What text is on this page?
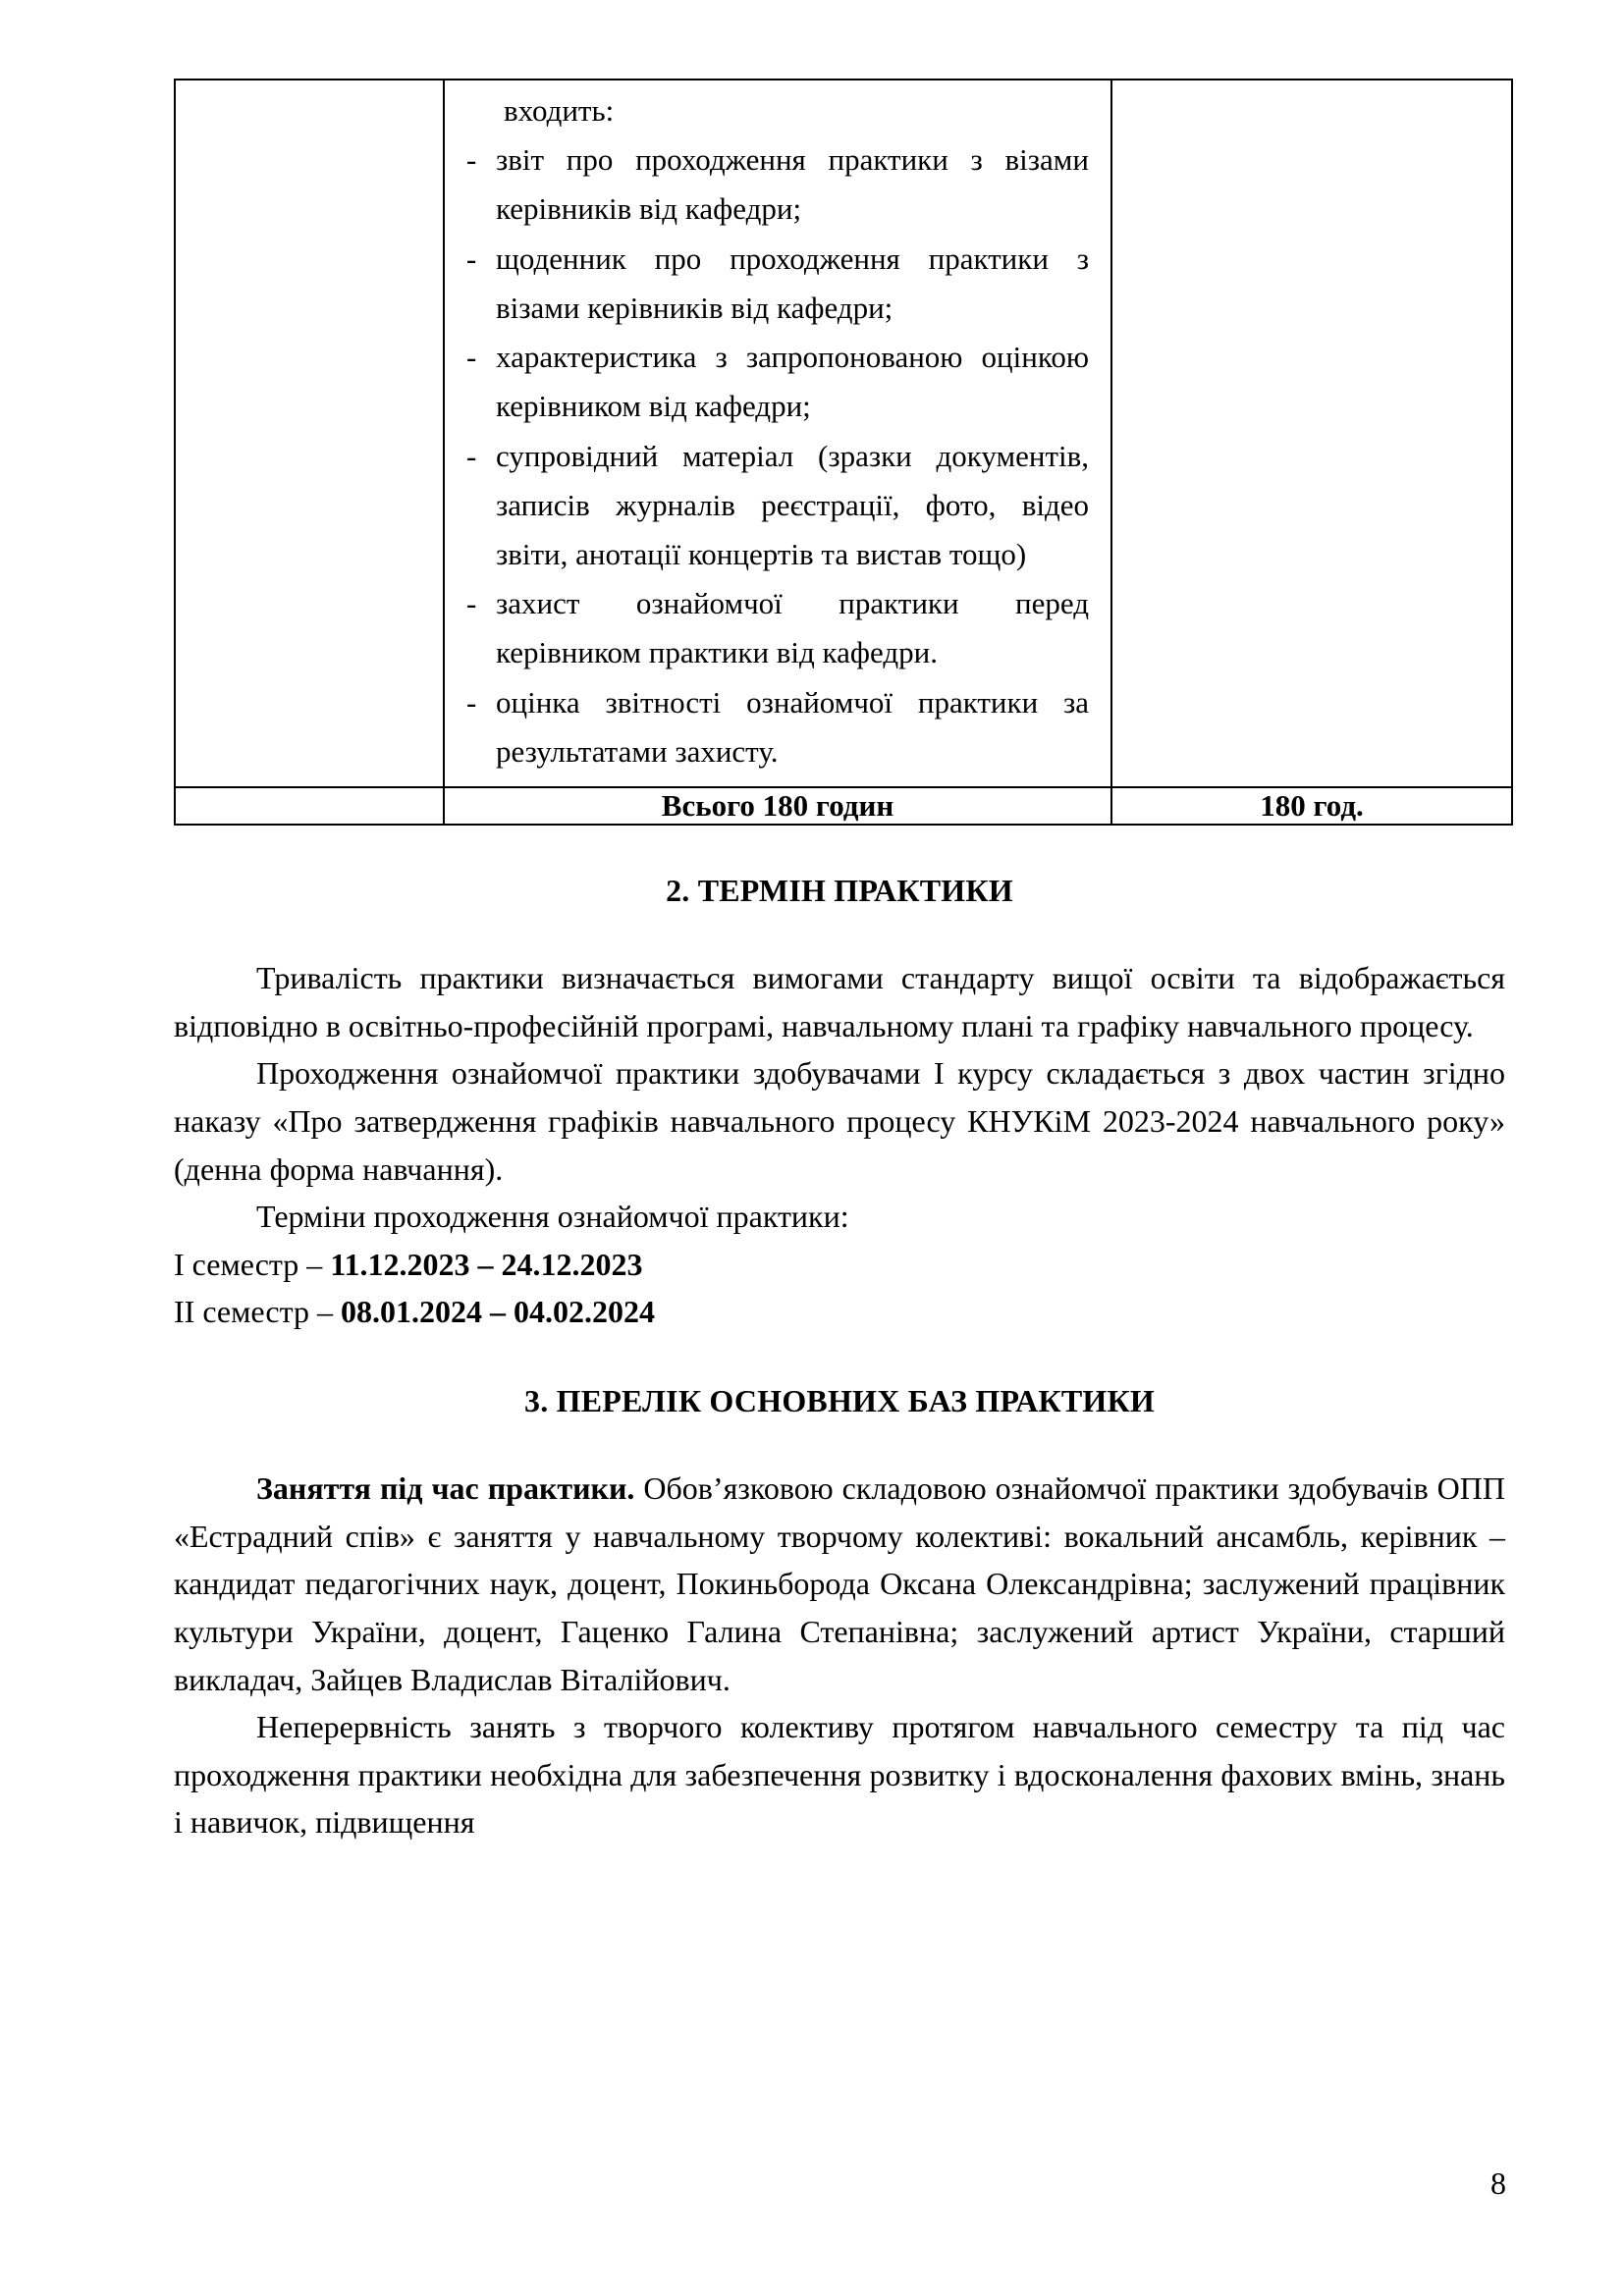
входить:
- звіт про проходження практики з візами керівників від кафедри;
- щоденник про проходження практики з візами керівників від кафедри;
- характеристика з запропонованою оцінкою керівником від кафедри;
- супровідний матеріал (зразки документів, записів журналів реєстрації, фото, відео звіти, анотації концертів та вистав тощо)
- захист ознайомчої практики перед керівником практики від кафедри.
- оцінка звітності ознайомчої практики за результатами захисту.

	Всього 180 годин	180 год.
2. ТЕРМІН ПРАКТИКИ

Тривалість практики визначається вимогами стандарту вищої освіти та відображається відповідно в освітньо-професійній програмі, навчальному плані та графіку навчального процесу.

Проходження ознайомчої практики здобувачами І курсу складається з двох частин згідно наказу «Про затвердження графіків навчального процесу КНУКіМ 2023-2024 навчального року» (денна форма навчання).

Терміни проходження ознайомчої практики:

І семестр – 11.12.2023 – 24.12.2023

ІІ семестр – 08.01.2024 – 04.02.2024

3. ПЕРЕЛІК ОСНОВНИХ БАЗ ПРАКТИКИ

Заняття під час практики. Обов’язковою складовою ознайомчої практики здобувачів ОПП «Естрадний спів» є заняття у навчальному творчому колективі: вокальний ансамбль, керівник – кандидат педагогічних наук, доцент, Покиньборода Оксана Олександрівна; заслужений працівник культури України, доцент, Гаценко Галина Степанівна; заслужений артист України, старший викладач, Зайцев Владислав Віталійович.

Неперервність занять з творчого колективу протягом навчального семестру та під час проходження практики необхідна для забезпечення розвитку і вдосконалення фахових вмінь, знань і навичок, підвищення

8
